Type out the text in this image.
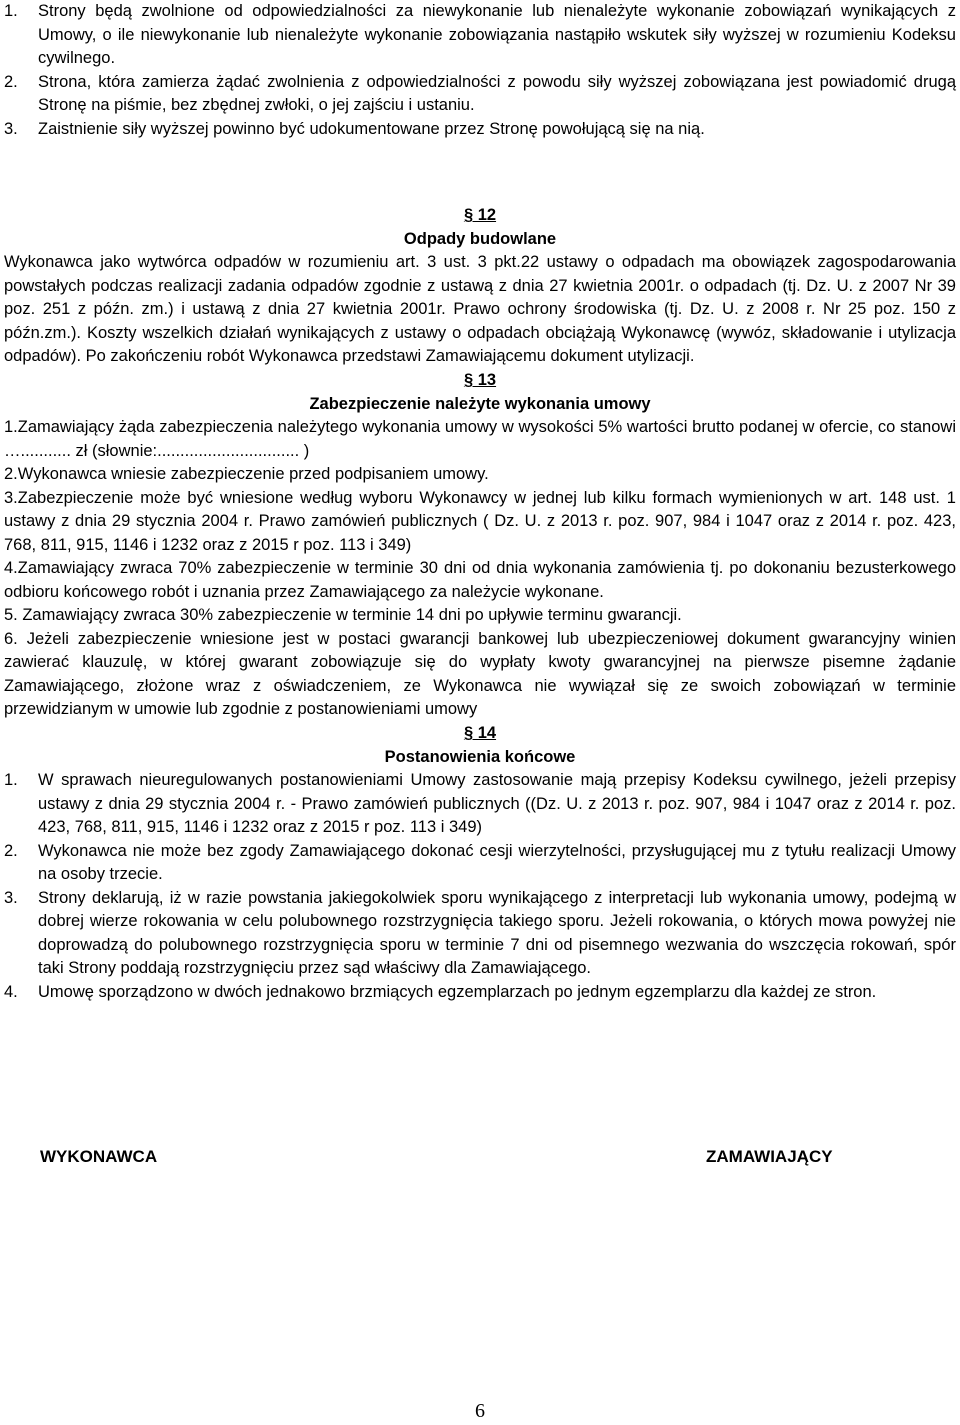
1.	Strony będą zwolnione od odpowiedzialności za niewykonanie lub nienależyte wykonanie zobowiązań wynikających z Umowy, o ile niewykonanie lub nienależyte wykonanie zobowiązania nastąpiło wskutek siły wyższej w rozumieniu Kodeksu cywilnego.
2.	Strona, która zamierza żądać zwolnienia z odpowiedzialności z powodu siły wyższej zobowiązana jest powiadomić drugą Stronę na piśmie, bez zbędnej zwłoki, o jej zajściu i ustaniu.
3.	Zaistnienie siły wyższej powinno być udokumentowane przez Stronę powołującą się na nią.
§ 12
Odpady budowlane

Wykonawca jako wytwórca odpadów w rozumieniu art. 3 ust. 3 pkt.22 ustawy o odpadach ma obowiązek zagospodarowania powstałych podczas realizacji zadania odpadów zgodnie z ustawą z dnia 27 kwietnia 2001r. o odpadach (tj. Dz. U. z 2007 Nr 39 poz. 251 z późn. zm.) i ustawą z dnia 27 kwietnia 2001r. Prawo ochrony środowiska (tj. Dz. U. z 2008 r. Nr 25 poz. 150 z późn.zm.). Koszty wszelkich działań wynikających z ustawy o odpadach obciążają Wykonawcę (wywóz, składowanie i utylizacja odpadów). Po zakończeniu robót Wykonawca przedstawi Zamawiającemu dokument utylizacji.

§ 13
Zabezpieczenie należyte wykonania umowy

1.Zamawiający żąda zabezpieczenia należytego wykonania umowy w wysokości 5% wartości brutto podanej w ofercie, co stanowi …........... zł (słownie:............................... )

2.Wykonawca wniesie zabezpieczenie przed podpisaniem umowy.

3.Zabezpieczenie może być wniesione według wyboru Wykonawcy w jednej lub kilku formach wymienionych w art. 148 ust. 1 ustawy z dnia 29 stycznia 2004 r. Prawo zamówień publicznych ( Dz. U. z 2013 r. poz. 907, 984 i 1047 oraz z 2014 r. poz. 423, 768, 811, 915, 1146 i 1232 oraz z 2015 r poz. 113 i 349)

4.Zamawiający zwraca 70% zabezpieczenie w terminie 30 dni od dnia wykonania zamówienia tj. po dokonaniu bezusterkowego odbioru końcowego robót i uznania przez Zamawiającego za należycie wykonane.

5. Zamawiający zwraca 30% zabezpieczenie w terminie 14 dni po upływie terminu gwarancji.

6. Jeżeli zabezpieczenie wniesione jest w postaci gwarancji bankowej lub ubezpieczeniowej dokument gwarancyjny winien zawierać klauzulę, w której gwarant zobowiązuje się do wypłaty kwoty gwarancyjnej na pierwsze pisemne żądanie Zamawiającego, złożone wraz z oświadczeniem, ze Wykonawca nie wywiązał się ze swoich zobowiązań w terminie przewidzianym w umowie lub zgodnie z postanowieniami umowy

§ 14
Postanowienia końcowe
1.	W sprawach nieuregulowanych postanowieniami Umowy zastosowanie mają przepisy Kodeksu cywilnego, jeżeli przepisy ustawy z dnia 29 stycznia 2004 r. - Prawo zamówień publicznych ((Dz. U. z 2013 r. poz. 907, 984 i 1047 oraz z 2014 r. poz. 423, 768, 811, 915, 1146 i 1232 oraz z 2015 r poz. 113 i 349)
2.	Wykonawca nie może bez zgody Zamawiającego dokonać cesji wierzytelności, przysługującej mu z tytułu realizacji Umowy na osoby trzecie.
3.	Strony deklarują, iż w razie powstania jakiegokolwiek sporu wynikającego z interpretacji lub wykonania umowy, podejmą w dobrej wierze rokowania w celu polubownego rozstrzygnięcia takiego sporu. Jeżeli rokowania, o których mowa powyżej nie doprowadzą do polubownego rozstrzygnięcia sporu w terminie 7 dni od pisemnego wezwania do wszczęcia rokowań, spór taki Strony poddają rozstrzygnięciu przez sąd właściwy dla Zamawiającego.
4.	Umowę sporządzono w dwóch jednakowo brzmiących egzemplarzach po jednym egzemplarzu dla każdej ze stron.
WYKONAWCA	ZAMAWIAJĄCY
6
